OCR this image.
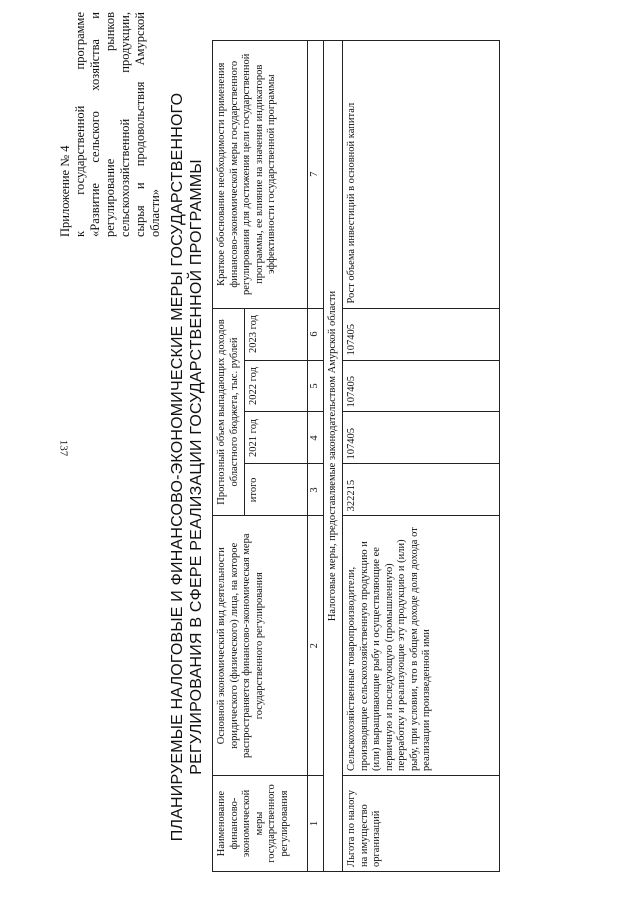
137
Приложение № 4 к государственной программе «Развитие сельского хозяйства и регулирование рынков сельскохозяйственной продукции, сырья и продовольствия Амурской области» ПЛАНИРУЕМЫЕ НАЛОГОВЫЕ И ФИНАНСОВО-ЭКОНОМИЧЕСКИЕ МЕРЫ ГОСУДАРСТВЕННОГО РЕГУЛИРОВАНИЯ В СФЕРЕ РЕАЛИЗАЦИИ ГОСУДАРСТВЕННОЙ ПРОГРАММЫ
Наименование финансово-экономической меры государственного регулирования	Основной экономический вид деятельности юридического (физического) лица, на которое распространяется финансово-экономическая мера государственного регулирования	Прогнозный объем выпадающих доходов областного бюджета, тыс. рублей				Краткое обоснование необходимости применения финансово-экономической меры государственного регулирования для достижения цели государственной программы, ее влияние на значения индикаторов эффективности государственной программы
		итого	2021 год	2022 год	2023 год	
1	2	3	4	5	6	7
Налоговые меры, предоставляемые законодательством Амурской области						
Льгота по налогу на имущество организаций	Сельскохозяйственные товаропроизводители, производящие сельскохозяйственную продукцию и (или) выращивающие рыбу и осуществляющие ее первичную и последующую (промышленную) переработку и реализующие эту продукцию и (или) рыбу, при условии, что в общем доходе доля дохода от реализации произведенной ими	322215	107405	107405	107405	Рост объема инвестиций в основной капитал
